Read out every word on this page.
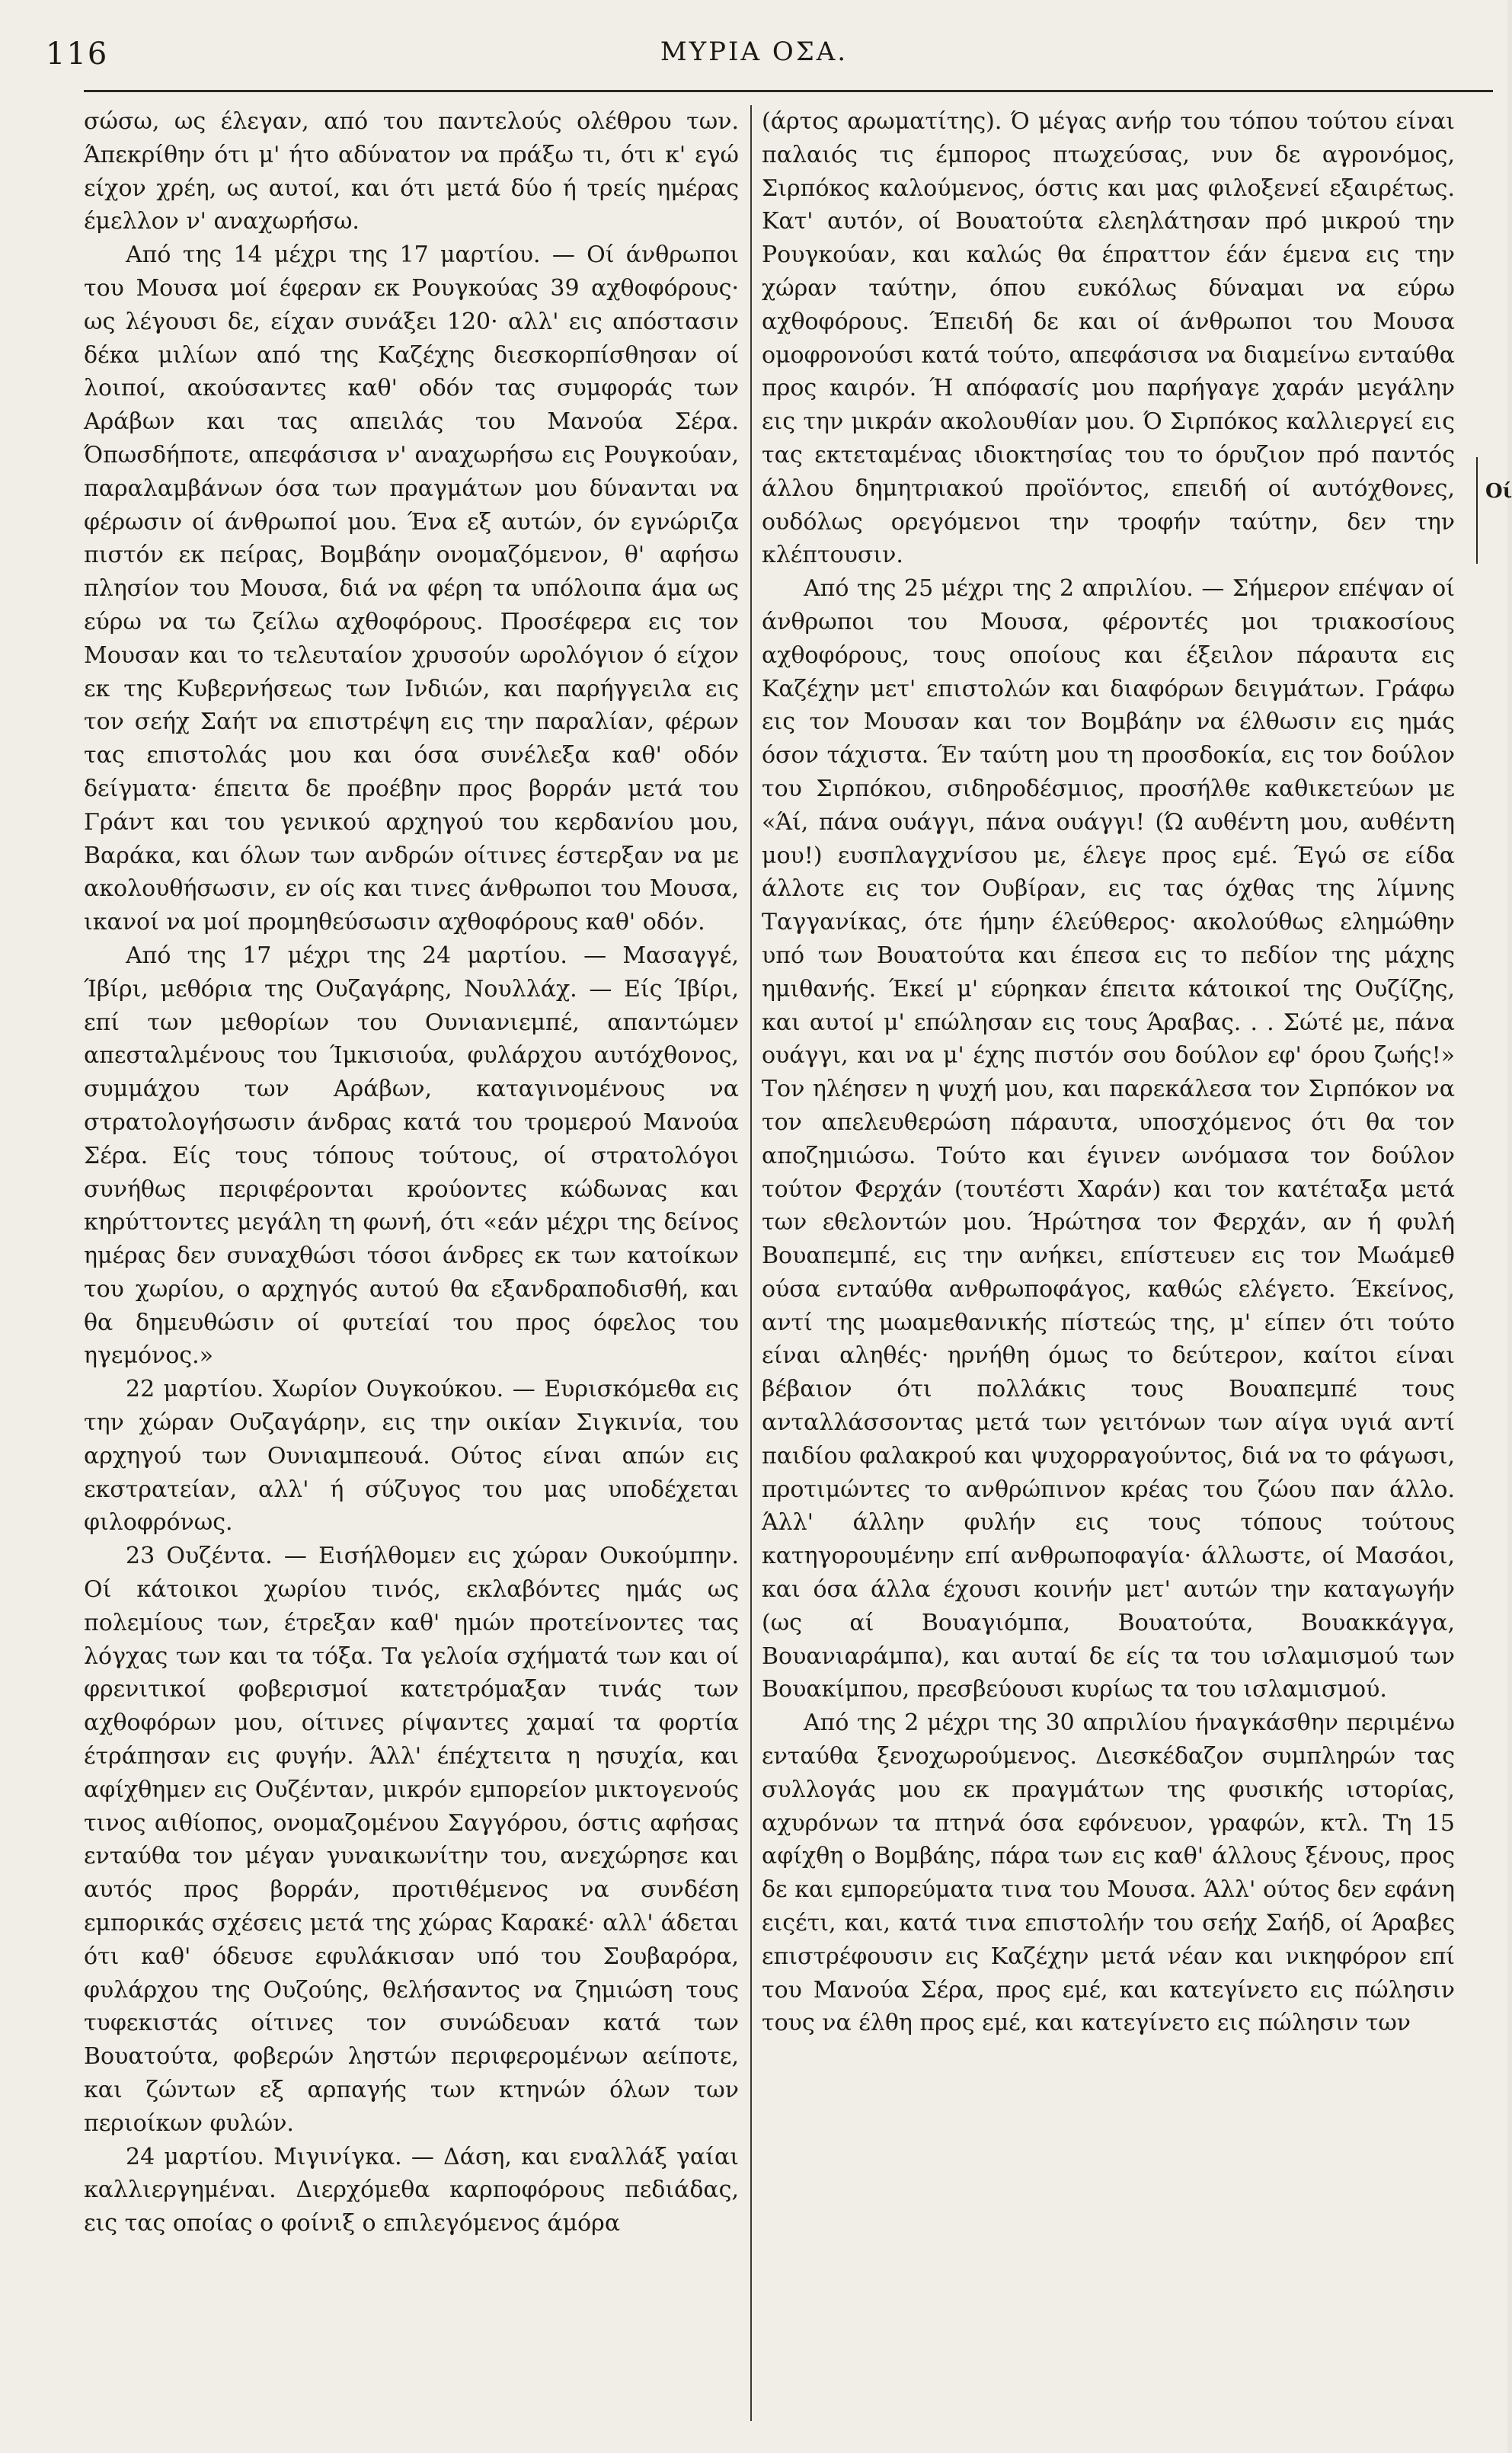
116	ΜΥΡΙΑ ΟΣΑ.

σώσω, ως έλεγαν, από του παντελούς ολέθρου των. Άπεκρίθην ότι μ' ήτο αδύνατον να πράξω τι, ότι κ' εγώ είχον χρέη, ως αυτοί, και ότι μετά δύο ή τρείς ημέρας έμελλον ν' αναχωρήσω.

Από της 14 μέχρι της 17 μαρτίου. — Οί άνθρωποι του Μουσα μοί έφεραν εκ Ρουγκούας 39 αχθοφόρους· ως λέγουσι δε, είχαν συνάξει 120· αλλ' εις απόστασιν δέκα μιλίων από της Καζέχης διεσκορπίσθησαν οί λοιποί, ακούσαντες καθ' οδόν τας συμφοράς των Αράβων και τας απειλάς του Μανούα Σέρα. Όπωσδήποτε, απεφάσισα ν' αναχωρήσω εις Ρουγκούαν, παραλαμβάνων όσα των πραγμάτων μου δύνανται να φέρωσιν οί άνθρωποί μου. Ένα εξ αυτών, όν εγνώριζα πιστόν εκ πείρας, Βομβάην ονομαζόμενον, θ' αφήσω πλησίον του Μουσα, διά να φέρη τα υπόλοιπα άμα ως εύρω να τω ζείλω αχθοφόρους. Προσέφερα εις τον Μουσαν και το τελευταίον χρυσούν ωρολόγιον ό είχον εκ της Κυβερνήσεως των Ινδιών, και παρήγγειλα εις τον σεήχ Σαήτ να επιστρέψη εις την παραλίαν, φέρων τας επιστολάς μου και όσα συνέλεξα καθ' οδόν δείγματα· έπειτα δε προέβην προς βορράν μετά του Γράντ και του γενικού αρχηγού του κερδανίου μου, Βαράκα, και όλων των ανδρών οίτινες έστερξαν να με ακολουθήσωσιν, εν οίς και τινες άνθρωποι του Μουσα, ικανοί να μοί προμηθεύσωσιν αχθοφόρους καθ' οδόν.

Από της 17 μέχρι της 24 μαρτίου. — Μασαγγέ, Ίβίρι, μεθόρια της Ουζαγάρης, Νουλλάχ. — Είς Ίβίρι, επί των μεθορίων του Ουνιανιεμπέ, απαντώμεν απεσταλμένους του Ίμκισιούα, φυλάρχου αυτόχθονος, συμμάχου των Αράβων, καταγινομένους να στρατολογήσωσιν άνδρας κατά του τρομερού Μανούα Σέρα. Είς τους τόπους τούτους, οί στρατολόγοι συνήθως περιφέρονται κρούοντες κώδωνας και κηρύττοντες μεγάλη τη φωνή, ότι «εάν μέχρι της δείνος ημέρας δεν συναχθώσι τόσοι άνδρες εκ των κατοίκων του χωρίου, ο αρχηγός αυτού θα εξανδραποδισθή, και θα δημευθώσιν οί φυτείαί του προς όφελος του ηγεμόνος.»

22 μαρτίου. Χωρίον Ουγκούκου. — Ευρισκόμεθα εις την χώραν Ουζαγάρην, εις την οικίαν Σιγκινία, του αρχηγού των Ουνιαμπεουά. Ούτος είναι απών εις εκστρατείαν, αλλ' ή σύζυγος του μας υποδέχεται φιλοφρόνως.

23 Ουζέντα. — Εισήλθομεν εις χώραν Ουκούμπην. Οί κάτοικοι χωρίου τινός, εκλαβόντες ημάς ως πολεμίους των, έτρεξαν καθ' ημών προτείνοντες τας λόγχας των και τα τόξα. Τα γελοία σχήματά των και οί φρενιτικοί φοβερισμοί κατετρόμαξαν τινάς των αχθοφόρων μου, οίτινες ρίψαντες χαμαί τα φορτία έτράπησαν εις φυγήν. Άλλ' έπέχτειτα η ησυχία, και αφίχθημεν εις Ουζένταν, μικρόν εμπορείον μικτογενούς τινος αιθίοπος, ονομαζομένου Σαγγόρου, όστις αφήσας ενταύθα τον μέγαν γυναικωνίτην του, ανεχώρησε και αυτός προς βορράν, προτιθέμενος να συνδέση εμπορικάς σχέσεις μετά της χώρας Καρακέ· αλλ' άδεται ότι καθ' όδευσε εφυλάκισαν υπό του Σουβαρόρα, φυλάρχου της Ουζούης, θελήσαντος να ζημιώση τους τυφεκιστάς οίτινες τον συνώδευαν κατά των Βουατούτα, φοβερών ληστών περιφερομένων αείποτε, και ζώντων εξ αρπαγής των κτηνών όλων των περιοίκων φυλών.

24 μαρτίου. Μιγινίγκα. — Δάση, και εναλλάξ γαίαι καλλιεργημέναι. Διερχόμεθα καρποφόρους πεδιάδας, εις τας οποίας ο φοίνιξ ο επιλεγόμενος άμόρα

(άρτος αρωματίτης). Ό μέγας ανήρ του τόπου τούτου είναι παλαιός τις έμπορος πτωχεύσας, νυν δε αγρονόμος, Σιρπόκος καλούμενος, όστις και μας φιλοξενεί εξαιρέτως. Κατ' αυτόν, οί Βουατούτα ελεηλάτησαν πρό μικρού την Ρουγκούαν, και καλώς θα έπραττον έάν έμενα εις την χώραν ταύτην, όπου ευκόλως δύναμαι να εύρω αχθοφόρους. Έπειδή δε και οί άνθρωποι του Μουσα ομοφρονούσι κατά τούτο, απεφάσισα να διαμείνω ενταύθα προς καιρόν. Ή απόφασίς μου παρήγαγε χαράν μεγάλην εις την μικράν ακολουθίαν μου. Ό Σιρπόκος καλλιεργεί εις τας εκτεταμένας ιδιοκτησίας του το όρυζιον πρό παντός άλλου δημητριακού προϊόντος, επειδή οί αυτόχθονες, ουδόλως ορεγόμενοι την τροφήν ταύτην, δεν την κλέπτουσιν.

Από της 25 μέχρι της 2 απριλίου. — Σήμερον επέψαν οί άνθρωποι του Μουσα, φέροντές μοι τριακοσίους αχθοφόρους, τους οποίους και έξειλον πάραυτα εις Καζέχην μετ' επιστολών και διαφόρων δειγμάτων. Γράφω εις τον Μουσαν και τον Βομβάην να έλθωσιν εις ημάς όσον τάχιστα. Έν ταύτη μου τη προσδοκία, εις τον δούλον του Σιρπόκου, σιδηροδέσμιος, προσήλθε καθικετεύων με «Άί, πάνα ουάγγι, πάνα ουάγγι! (Ώ αυθέντη μου, αυθέντη μου!) ευσπλαγχνίσου με, έλεγε προς εμέ. Έγώ σε είδα άλλοτε εις τον Ουβίραν, εις τας όχθας της λίμνης Ταγγανίκας, ότε ήμην έλεύθερος· ακολούθως ελημώθην υπό των Βουατούτα και έπεσα εις το πεδίον της μάχης ημιθανής. Έκεί μ' εύρηκαν έπειτα κάτοικοί της Ουζίζης, και αυτοί μ' επώλησαν εις τους Άραβας. . . Σώτέ με, πάνα ουάγγι, και να μ' έχης πιστόν σου δούλον εφ' όρου ζωής!» Τον ηλέησεν η ψυχή μου, και παρεκάλεσα τον Σιρπόκον να τον απελευθερώση πάραυτα, υποσχόμενος ότι θα τον αποζημιώσω. Τούτο και έγινεν ωνόμασα τον δούλον τούτον Φερχάν (τουτέστι Χαράν) και τον κατέταξα μετά των εθελοντών μου. Ήρώτησα τον Φερχάν, αν ή φυλή Βουαπεμπέ, εις την ανήκει, επίστευεν εις τον Μωάμεθ ούσα ενταύθα ανθρωποφάγος, καθώς ελέγετο. Έκείνος, αντί της μωαμεθανικής πίστεώς της, μ' είπεν ότι τούτο είναι αληθές· ηρνήθη όμως το δεύτερον, καίτοι είναι βέβαιον ότι πολλάκις τους Βουαπεμπέ τους ανταλλάσσοντας μετά των γειτόνων των αίγα υγιά αντί παιδίου φαλακρού και ψυχορραγούντος, διά να το φάγωσι, προτιμώντες το ανθρώπινον κρέας του ζώου παν άλλο. Άλλ' άλλην φυλήν εις τους τόπους τούτους κατηγορουμένην επί ανθρωποφαγία· άλλωστε, οί Μασάοι, και όσα άλλα έχουσι κοινήν μετ' αυτών την καταγωγήν (ως αί Βουαγιόμπα, Βουατούτα, Βουακκάγγα, Βουανιαράμπα), και αυταί δε είς τα του ισλαμισμού των Βουακίμπου, πρεσβεύουσι κυρίως τα του ισλαμισμού.

Από της 2 μέχρι της 30 απριλίου ήναγκάσθην περιμένω ενταύθα ξενοχωρούμενος. Διεσκέδαζον συμπληρών τας συλλογάς μου εκ πραγμάτων της φυσικής ιστορίας, αχυρόνων τα πτηνά όσα εφόνευον, γραφών, κτλ. Τη 15 αφίχθη ο Βομβάης, πάρα των εις καθ' άλλους ξένους, προς δε και εμπορεύματα τινα του Μουσα. Άλλ' ούτος δεν εφάνη ειςέτι, και, κατά τινα επιστολήν του σεήχ Σαήδ, οί Άραβες επιστρέφουσιν εις Καζέχην μετά νέαν και νικηφόρον επί του Μανούα Σέρα, προς εμέ, και κατεγίνετο εις πώλησιν τους να έλθη προς εμέ, και κατεγίνετο εις πώλησιν των

Οί
